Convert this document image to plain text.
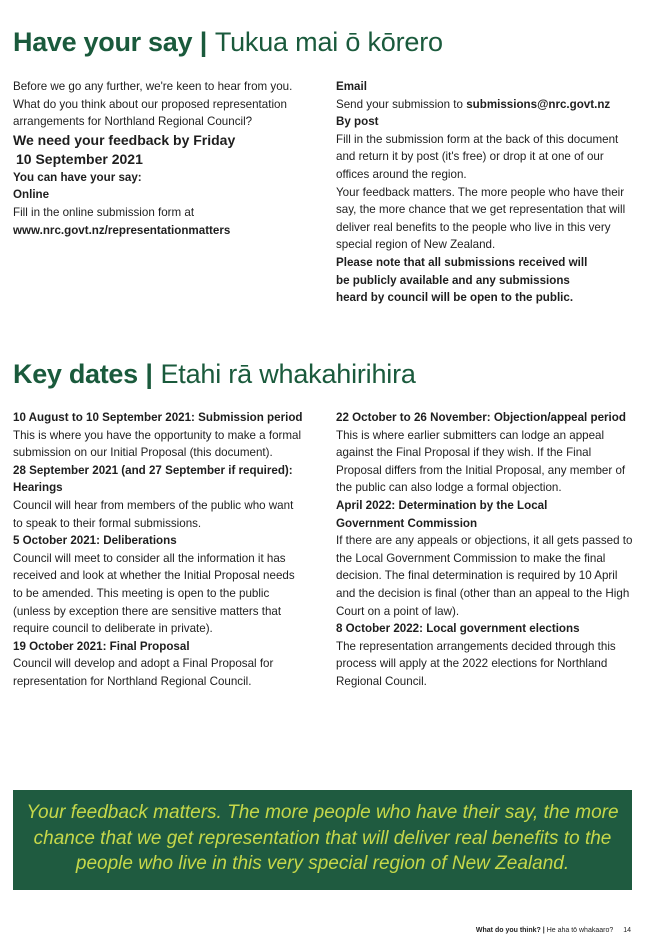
Have your say | Tukua mai ō kōrero

Before we go any further, we're keen to hear from you. What do you think about our proposed representation arrangements for Northland Regional Council?

We need your feedback by Friday

10 September 2021

You can have your say:

Online

Fill in the online submission form at

www.nrc.govt.nz/representationmatters

Email

Send your submission to submissions@nrc.govt.nz

By post

Fill in the submission form at the back of this document and return it by post (it's free) or drop it at one of our offices around the region.

Your feedback matters. The more people who have their say, the more chance that we get representation that will deliver real benefits to the people who live in this very special region of New Zealand.

Please note that all submissions received will be publicly available and any submissions heard by council will be open to the public.

Key dates | Etahi rā whakahirihira

10 August to 10 September 2021: Submission period

This is where you have the opportunity to make a formal submission on our Initial Proposal (this document).

28 September 2021 (and 27 September if required): Hearings

Council will hear from members of the public who want to speak to their formal submissions.

5 October 2021: Deliberations

Council will meet to consider all the information it has received and look at whether the Initial Proposal needs to be amended. This meeting is open to the public (unless by exception there are sensitive matters that require council to deliberate in private).

19 October 2021: Final Proposal

Council will develop and adopt a Final Proposal for representation for Northland Regional Council.

22 October to 26 November: Objection/appeal period

This is where earlier submitters can lodge an appeal against the Final Proposal if they wish. If the Final Proposal differs from the Initial Proposal, any member of the public can also lodge a formal objection.

April 2022: Determination by the Local Government Commission

If there are any appeals or objections, it all gets passed to the Local Government Commission to make the final decision. The final determination is required by 10 April and the decision is final (other than an appeal to the High Court on a point of law).

8 October 2022: Local government elections

The representation arrangements decided through this process will apply at the 2022 elections for Northland Regional Council.

Your feedback matters. The more people who have their say, the more chance that we get representation that will deliver real benefits to the people who live in this very special region of New Zealand.

What do you think? | He aha tō whakaaro? 14
